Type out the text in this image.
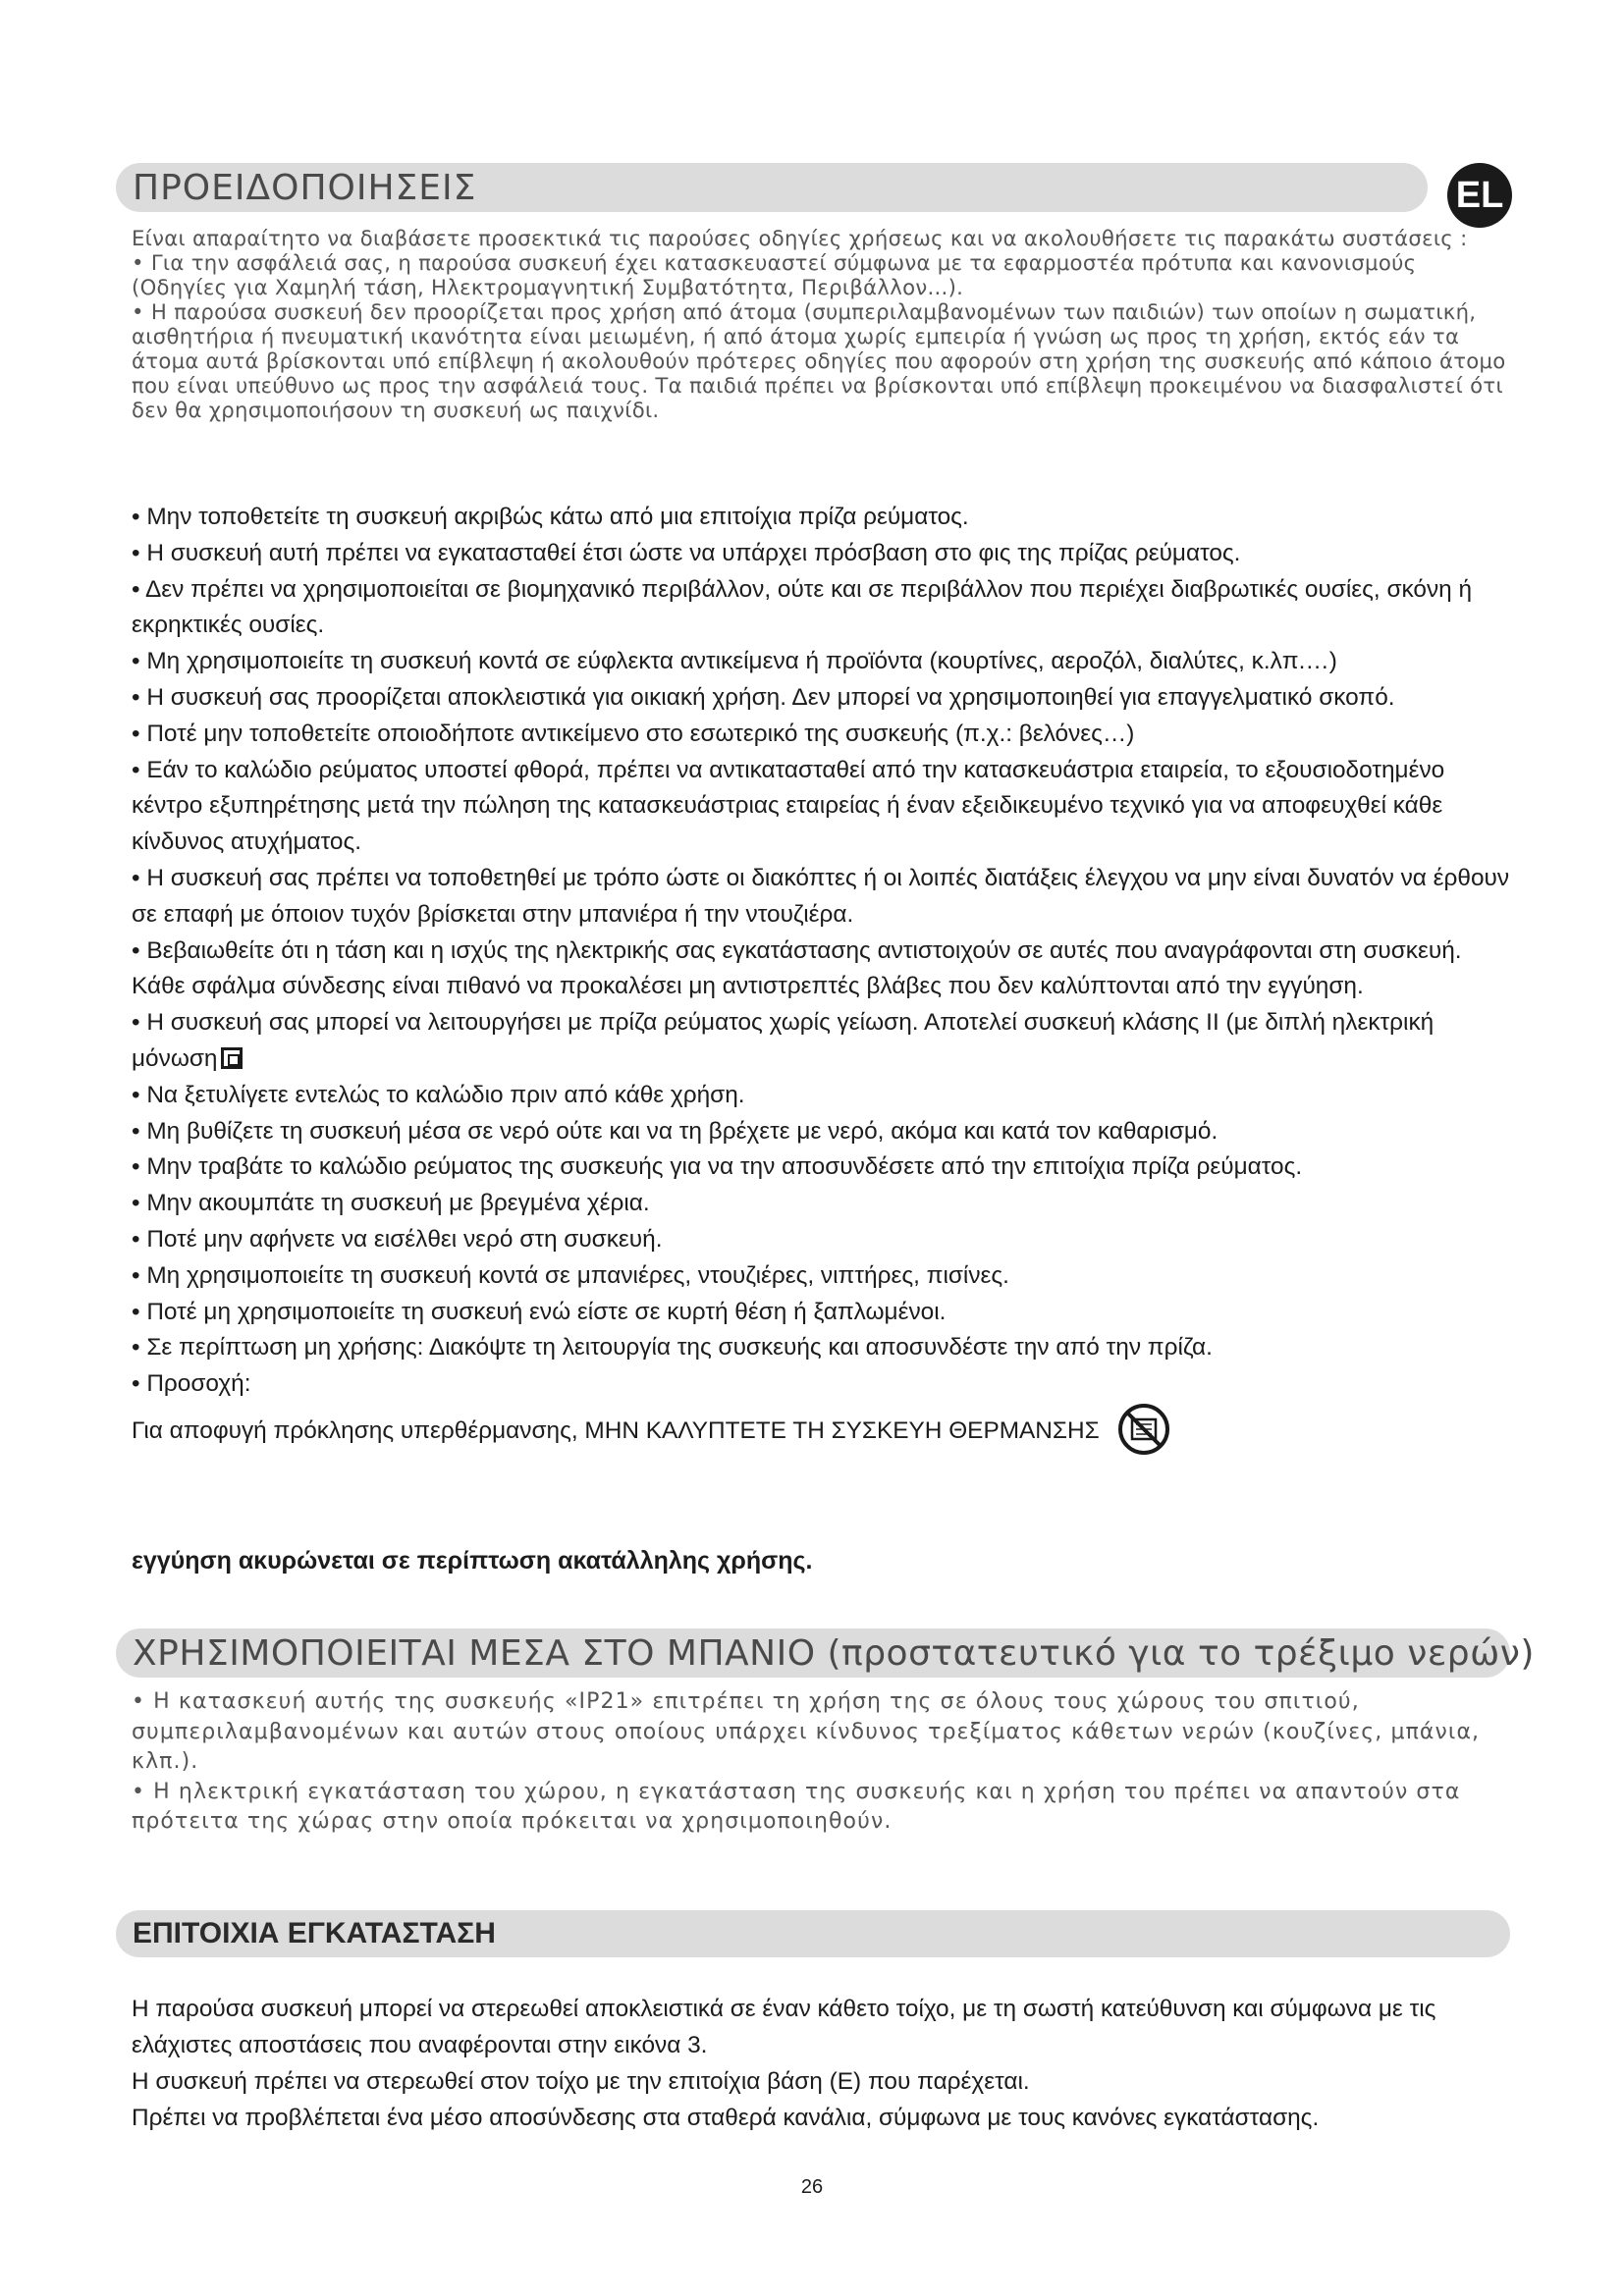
ΠΡΟΕΙΔΟΠΟΙΗΣΕΙΣ	EL

Είναι απαραίτητο να διαβάσετε προσεκτικά τις παρούσες οδηγίες χρήσεως και να ακολουθήσετε τις παρακάτω συστάσεις :

• Για την ασφάλειά σας, η παρούσα συσκευή έχει κατασκευαστεί σύμφωνα με τα εφαρμοστέα πρότυπα και κανονισμούς (Οδηγίες για Χαμηλή τάση, Ηλεκτρομαγνητική Συμβατότητα, Περιβάλλον...).

• Η παρούσα συσκευή δεν προορίζεται προς χρήση από άτομα (συμπεριλαμβανομένων των παιδιών) των οποίων η σωματική, αισθητήρια ή πνευματική ικανότητα είναι μειωμένη, ή από άτομα χωρίς εμπειρία ή γνώση ως προς τη χρήση, εκτός εάν τα άτομα αυτά βρίσκονται υπό επίβλεψη ή ακολουθούν πρότερες οδηγίες που αφορούν στη χρήση της συσκευής από κάποιο άτομο που είναι υπεύθυνο ως προς την ασφάλειά τους. Τα παιδιά πρέπει να βρίσκονται υπό επίβλεψη προκειμένου να διασφαλιστεί ότι δεν θα χρησιμοποιήσουν τη συσκευή ως παιχνίδι.

• Μην τοποθετείτε τη συσκευή ακριβώς κάτω από μια επιτοίχια πρίζα ρεύματος.

• Η συσκευή αυτή πρέπει να εγκατασταθεί έτσι ώστε να υπάρχει πρόσβαση στο φις της πρίζας ρεύματος.

• Δεν πρέπει να χρησιμοποιείται σε βιομηχανικό περιβάλλον, ούτε και σε περιβάλλον που περιέχει διαβρωτικές ουσίες, σκόνη ή εκρηκτικές ουσίες.

• Μη χρησιμοποιείτε τη συσκευή κοντά σε εύφλεκτα αντικείμενα ή προϊόντα (κουρτίνες, αεροζόλ, διαλύτες, κ.λπ.…)

• Η συσκευή σας προορίζεται αποκλειστικά για οικιακή χρήση. Δεν μπορεί να χρησιμοποιηθεί για επαγγελματικό σκοπό.

• Ποτέ μην τοποθετείτε οποιοδήποτε αντικείμενο στο εσωτερικό της συσκευής (π.χ.: βελόνες…)

• Εάν το καλώδιο ρεύματος υποστεί φθορά, πρέπει να αντικατασταθεί από την κατασκευάστρια εταιρεία, το εξουσιοδοτημένο κέντρο εξυπηρέτησης μετά την πώληση της κατασκευάστριας εταιρείας ή έναν εξειδικευμένο τεχνικό για να αποφευχθεί κάθε κίνδυνος ατυχήματος.

• Η συσκευή σας πρέπει να τοποθετηθεί με τρόπο ώστε οι διακόπτες ή οι λοιπές διατάξεις έλεγχου να μην είναι δυνατόν να έρθουν σε επαφή με όποιον τυχόν βρίσκεται στην μπανιέρα ή την ντουζιέρα.

• Βεβαιωθείτε ότι η τάση και η ισχύς της ηλεκτρικής σας εγκατάστασης αντιστοιχούν σε αυτές που αναγράφονται στη συσκευή. Κάθε σφάλμα σύνδεσης είναι πιθανό να προκαλέσει μη αντιστρεπτές βλάβες που δεν καλύπτονται από την εγγύηση.

• Η συσκευή σας μπορεί να λειτουργήσει με πρίζα ρεύματος χωρίς γείωση. Αποτελεί συσκευή κλάσης ΙΙ (με διπλή ηλεκτρική μόνωση

• Να ξετυλίγετε εντελώς το καλώδιο πριν από κάθε χρήση.

• Μη βυθίζετε τη συσκευή μέσα σε νερό ούτε και να τη βρέχετε με νερό, ακόμα και κατά τον καθαρισμό.

• Μην τραβάτε το καλώδιο ρεύματος της συσκευής για να την αποσυνδέσετε από την επιτοίχια πρίζα ρεύματος.

• Μην ακουμπάτε τη συσκευή με βρεγμένα χέρια.

• Ποτέ μην αφήνετε να εισέλθει νερό στη συσκευή.

• Μη χρησιμοποιείτε τη συσκευή κοντά σε μπανιέρες, ντουζιέρες, νιπτήρες, πισίνες.

• Ποτέ μη χρησιμοποιείτε τη συσκευή ενώ είστε σε κυρτή θέση ή ξαπλωμένοι.

• Σε περίπτωση μη χρήσης: Διακόψτε τη λειτουργία της συσκευής και αποσυνδέστε την από την πρίζα.

• Προσοχή:

Για αποφυγή πρόκλησης υπερθέρμανσης, ΜΗΝ ΚΑΛΥΠΤΕΤΕ ΤΗ ΣΥΣΚΕΥΗ ΘΕΡΜΑΝΣΗΣ

εγγύηση ακυρώνεται σε περίπτωση ακατάλληλης χρήσης.
ΧΡΗΣΙΜΟΠΟΙΕΙΤΑΙ ΜΕΣΑ ΣΤΟ ΜΠΑΝΙΟ (προστατευτικό για το τρέξιμο νερών)

• Η κατασκευή αυτής της συσκευής «IP21» επιτρέπει τη χρήση της σε όλους τους χώρους του σπιτιού, συμπεριλαμβανομένων και αυτών στους οποίους υπάρχει κίνδυνος τρεξίματος κάθετων νερών (κουζίνες, μπάνια, κλπ.).

• Η ηλεκτρική εγκατάσταση του χώρου, η εγκατάσταση της συσκευής και η χρήση του πρέπει να απαντούν στα πρότειτα της χώρας στην οποία πρόκειται να χρησιμοποιηθούν.

ΕΠΙΤΟΙΧΙΑ ΕΓΚΑΤΑΣΤΑΣΗ

Η παρούσα συσκευή μπορεί να στερεωθεί αποκλειστικά σε έναν κάθετο τοίχο, με τη σωστή κατεύθυνση και σύμφωνα με τις ελάχιστες αποστάσεις που αναφέρονται στην εικόνα 3.

Η συσκευή πρέπει να στερεωθεί στον τοίχο με την επιτοίχια βάση (E) που παρέχεται.

Πρέπει να προβλέπεται ένα μέσο αποσύνδεσης στα σταθερά κανάλια, σύμφωνα με τους κανόνες εγκατάστασης.

26
